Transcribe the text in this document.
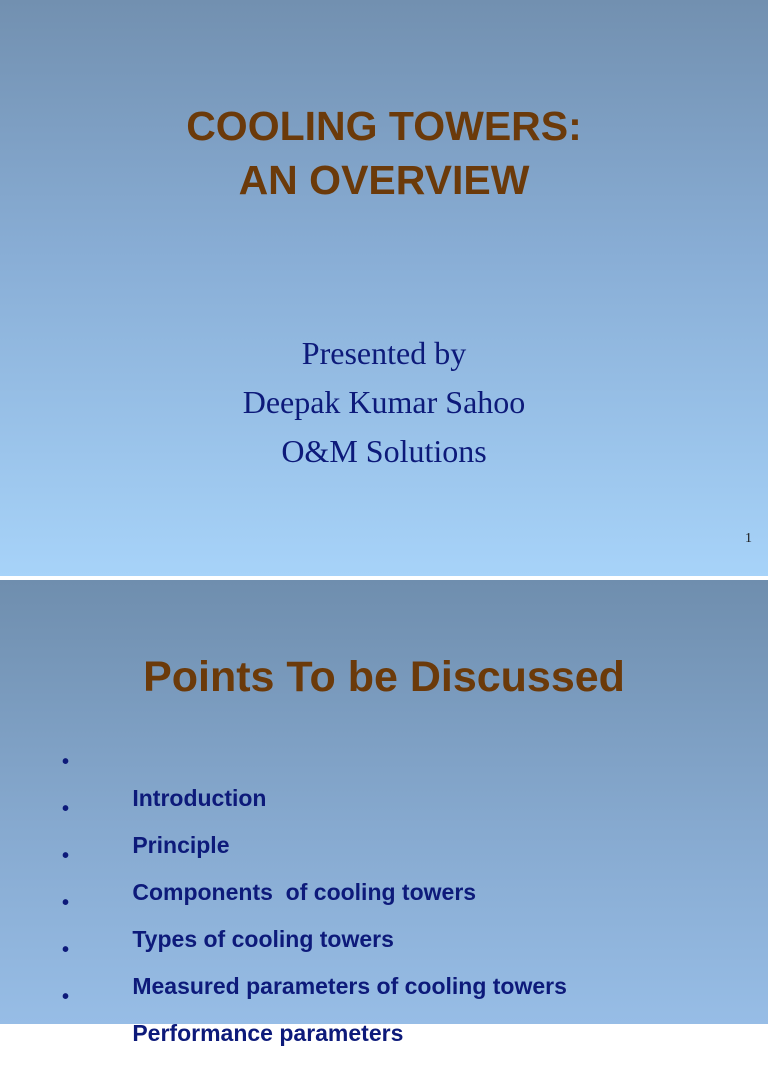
COOLING TOWERS:
AN OVERVIEW
Presented by
Deepak Kumar Sahoo
O&M Solutions
1
Points To be Discussed

•
Introduction

•
Principle

•
Components  of cooling towers

•
Types of cooling towers

•
Measured parameters of cooling towers

•
Performance parameters
